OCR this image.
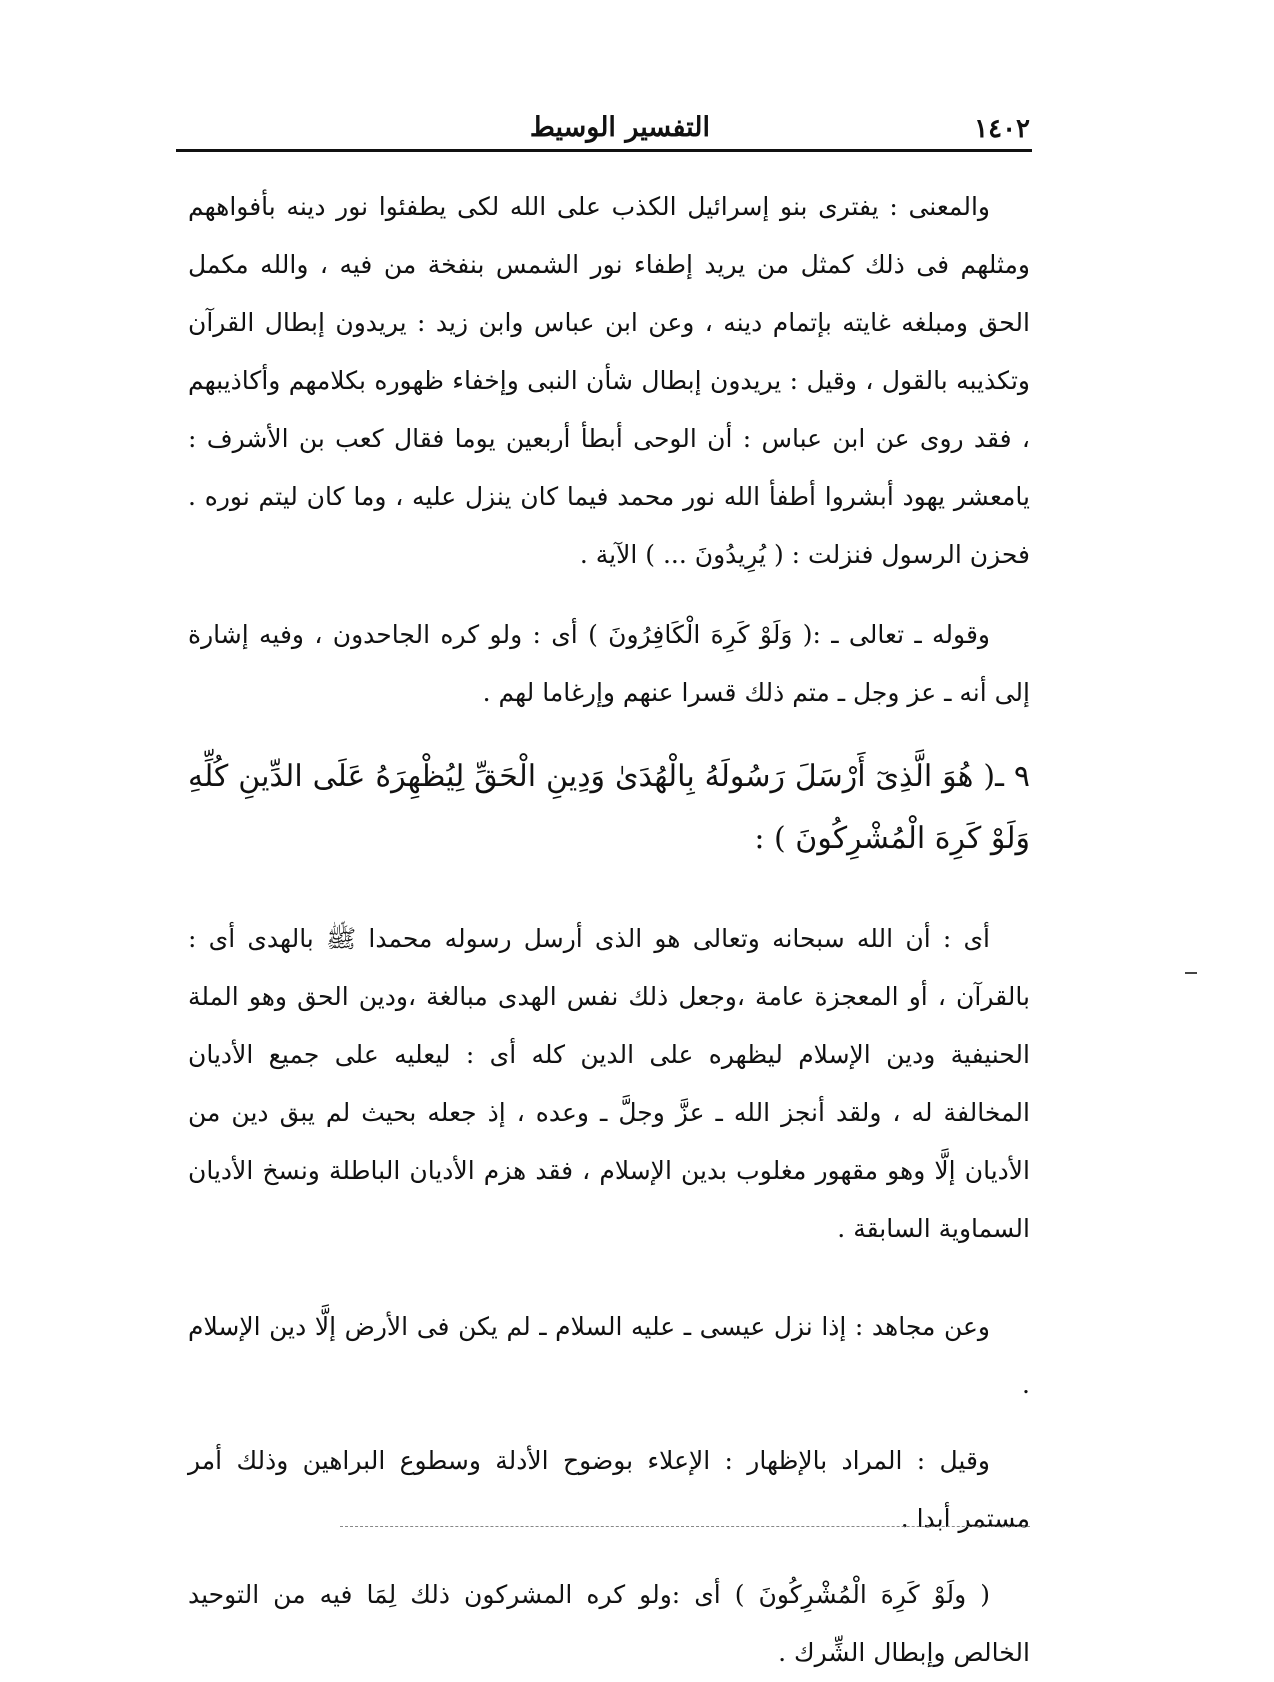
١٤٠٢
التفسير الوسيط

والمعنى : يفترى بنو إسرائيل الكذب على الله لكى يطفئوا نور دينه بأفواههم ومثلهم فى ذلك كمثل من يريد إطفاء نور الشمس بنفخة من فيه ، والله مكمل الحق ومبلغه غايته بإتمام دينه ، وعن ابن عباس وابن زيد : يريدون إبطال القرآن وتكذيبه بالقول ، وقيل : يريدون إبطال شأن النبى وإخفاء ظهوره بكلامهم وأكاذيبهم ، فقد روى عن ابن عباس : أن الوحى أبطأ أربعين يوما فقال كعب بن الأشرف : يامعشر يهود أبشروا أطفأ الله نور محمد فيما كان ينزل عليه ، وما كان ليتم نوره . فحزن الرسول فنزلت : ( يُرِيدُونَ ... ) الآية .

وقوله ـ تعالى ـ :( وَلَوْ كَرِهَ الْكَافِرُونَ ) أى : ولو كره الجاحدون ، وفيه إشارة إلى أنه ـ عز وجل ـ متم ذلك قسرا عنهم وإرغاما لهم .

٩ ـ( هُوَ الَّذِىٓ أَرْسَلَ رَسُولَهُ بِالْهُدَىٰ وَدِينِ الْحَقِّ لِيُظْهِرَهُ عَلَى الدِّينِ كُلِّهِ وَلَوْ كَرِهَ الْمُشْرِكُونَ ) :

أى : أن الله سبحانه وتعالى هو الذى أرسل رسوله محمدا ﷺ بالهدى أى : بالقرآن ، أو المعجزة عامة ،وجعل ذلك نفس الهدى مبالغة ،ودين الحق وهو الملة الحنيفية ودين الإسلام ليظهره على الدين كله أى : ليعليه على جميع الأديان المخالفة له ، ولقد أنجز الله ـ عزَّ وجلَّ ـ وعده ، إذ جعله بحيث لم يبق دين من الأديان إلَّا وهو مقهور مغلوب بدين الإسلام ، فقد هزم الأديان الباطلة ونسخ الأديان السماوية السابقة .

وعن مجاهد : إذا نزل عيسى ـ عليه السلام ـ لم يكن فى الأرض إلَّا دين الإسلام .

وقيل : المراد بالإظهار : الإعلاء بوضوح الأدلة وسطوع البراهين وذلك أمر مستمر أبدا .

( ولَوْ كَرِهَ الْمُشْرِكُونَ ) أى :ولو كره المشركون ذلك لِمَا فيه من التوحيد الخالص وإبطال الشِّرك .
